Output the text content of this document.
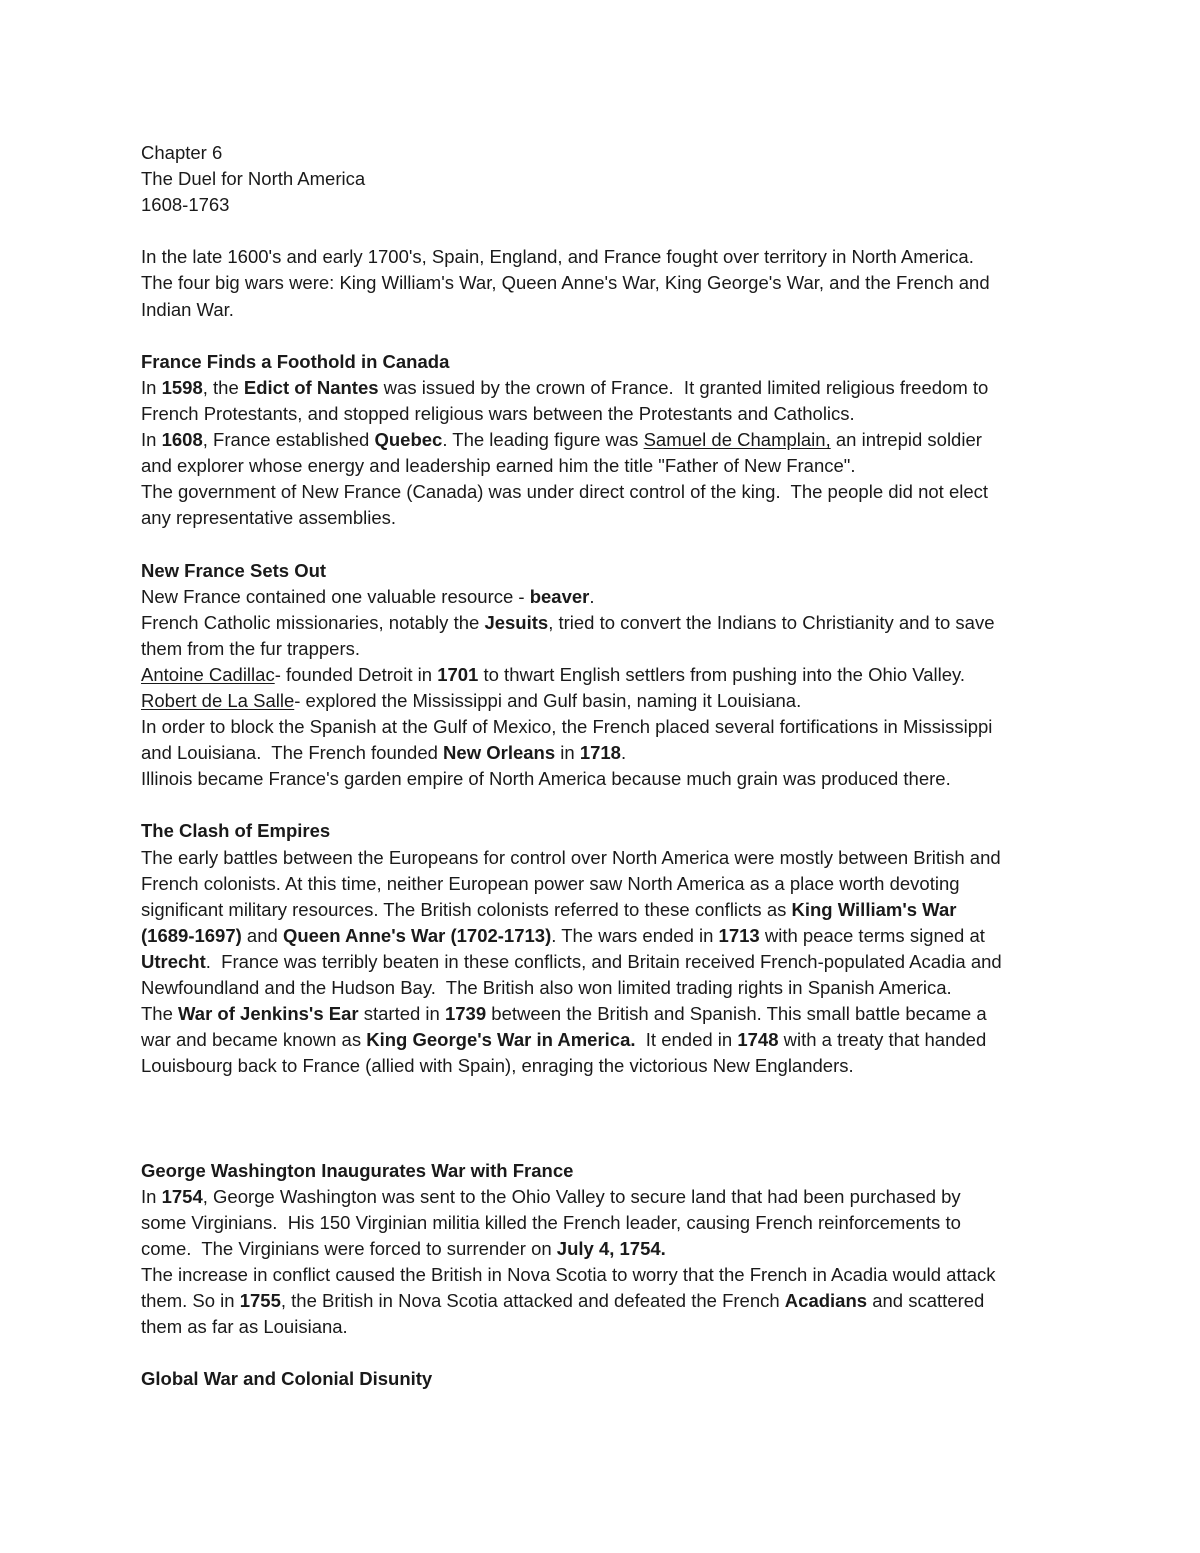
Chapter 6
The Duel for North America
1608-1763
In the late 1600's and early 1700's, Spain, England, and France fought over territory in North America.
The four big wars were: King William's War, Queen Anne's War, King George's War, and the French and
Indian War.
France Finds a Foothold in Canada
In 1598, the Edict of Nantes was issued by the crown of France.  It granted limited religious freedom to
French Protestants, and stopped religious wars between the Protestants and Catholics.
In 1608, France established Quebec. The leading figure was Samuel de Champlain, an intrepid soldier
and explorer whose energy and leadership earned him the title "Father of New France".
The government of New France (Canada) was under direct control of the king.  The people did not elect
any representative assemblies.
New France Sets Out
New France contained one valuable resource - beaver.
French Catholic missionaries, notably the Jesuits, tried to convert the Indians to Christianity and to save
them from the fur trappers.
Antoine Cadillac- founded Detroit in 1701 to thwart English settlers from pushing into the Ohio Valley.
Robert de La Salle- explored the Mississippi and Gulf basin, naming it Louisiana.
In order to block the Spanish at the Gulf of Mexico, the French placed several fortifications in Mississippi
and Louisiana.  The French founded New Orleans in 1718.
Illinois became France's garden empire of North America because much grain was produced there.
The Clash of Empires
The early battles between the Europeans for control over North America were mostly between British and
French colonists. At this time, neither European power saw North America as a place worth devoting
significant military resources. The British colonists referred to these conflicts as King William's War
(1689-1697) and Queen Anne's War (1702-1713). The wars ended in 1713 with peace terms signed at
Utrecht.  France was terribly beaten in these conflicts, and Britain received French-populated Acadia and
Newfoundland and the Hudson Bay.  The British also won limited trading rights in Spanish America.
The War of Jenkins's Ear started in 1739 between the British and Spanish. This small battle became a
war and became known as King George's War in America.  It ended in 1748 with a treaty that handed
Louisbourg back to France (allied with Spain), enraging the victorious New Englanders.
George Washington Inaugurates War with France
In 1754, George Washington was sent to the Ohio Valley to secure land that had been purchased by
some Virginians.  His 150 Virginian militia killed the French leader, causing French reinforcements to
come.  The Virginians were forced to surrender on July 4, 1754.
The increase in conflict caused the British in Nova Scotia to worry that the French in Acadia would attack
them. So in 1755, the British in Nova Scotia attacked and defeated the French Acadians and scattered
them as far as Louisiana.
Global War and Colonial Disunity
